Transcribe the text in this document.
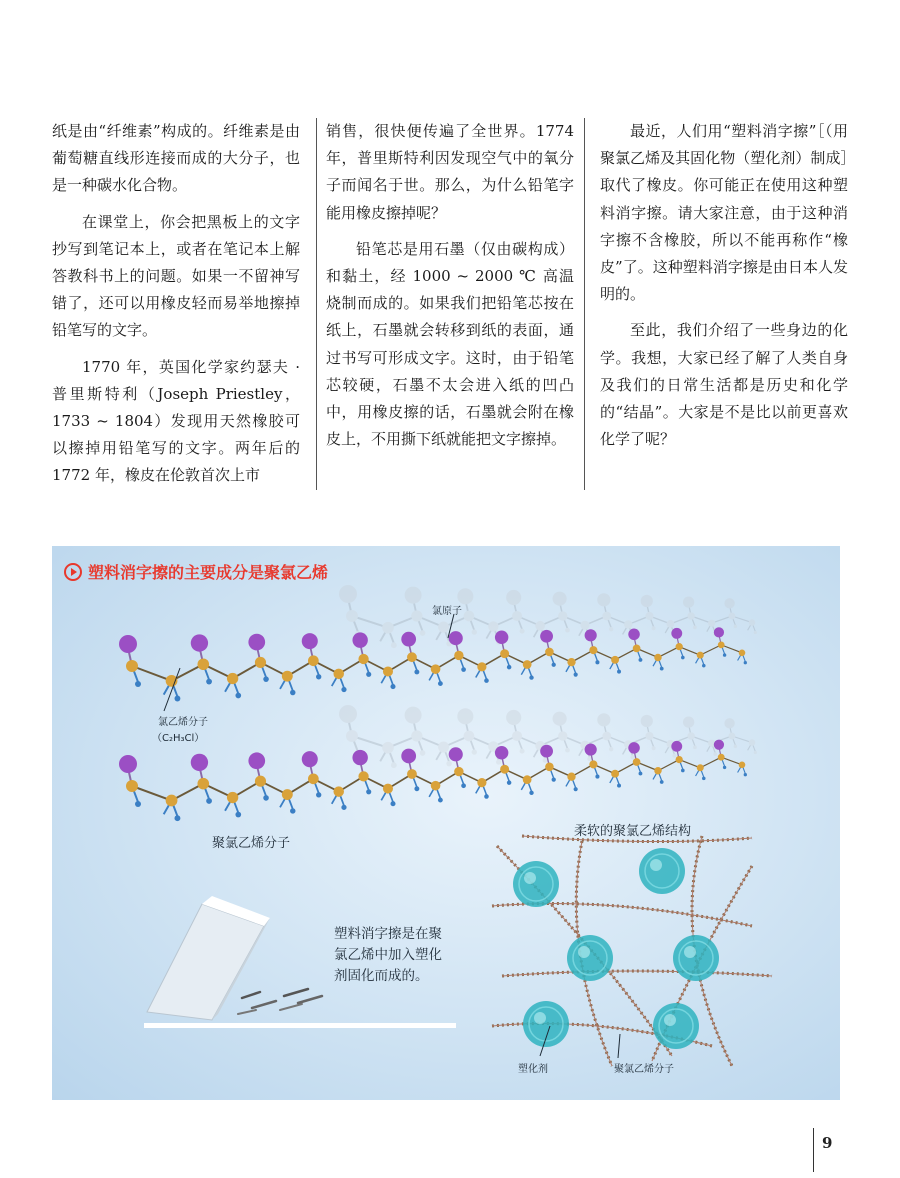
纸是由“纤维素”构成的。纤维素是由葡萄糖直线形连接而成的大分子，也是一种碳水化合物。

在课堂上，你会把黑板上的文字抄写到笔记本上，或者在笔记本上解答教科书上的问题。如果一不留神写错了，还可以用橡皮轻而易举地擦掉铅笔写的文字。

1770 年，英国化学家约瑟夫 · 普里斯特利（Joseph Priestley，1733 ~ 1804）发现用天然橡胶可以擦掉用铅笔写的文字。两年后的 1772 年，橡皮在伦敦首次上市

销售，很快便传遍了全世界。1774 年，普里斯特利因发现空气中的氧分子而闻名于世。那么，为什么铅笔字能用橡皮擦掉呢？

铅笔芯是用石墨（仅由碳构成）和黏土，经 1000 ~ 2000 ℃ 高温烧制而成的。如果我们把铅笔芯按在纸上，石墨就会转移到纸的表面，通过书写可形成文字。这时，由于铅笔芯较硬，石墨不太会进入纸的凹凸中，用橡皮擦的话，石墨就会附在橡皮上，不用撕下纸就能把文字擦掉。

最近，人们用“塑料消字擦”［（用聚氯乙烯及其固化物（塑化剂）制成］取代了橡皮。你可能正在使用这种塑料消字擦。请大家注意，由于这种消字擦不含橡胶，所以不能再称作“橡皮”了。这种塑料消字擦是由日本人发明的。

至此，我们介绍了一些身边的化学。我想，大家已经了解了人类自身及我们的日常生活都是历史和化学的“结晶”。大家是不是比以前更喜欢化学了呢？

塑料消字擦的主要成分是聚氯乙烯
氯原子
氯乙烯分子
（C₂H₃Cl）
聚氯乙烯分子
柔软的聚氯乙烯结构
塑料消字擦是在聚氯乙烯中加入塑化剂固化而成的。
塑化剂	聚氯乙烯分子
9
